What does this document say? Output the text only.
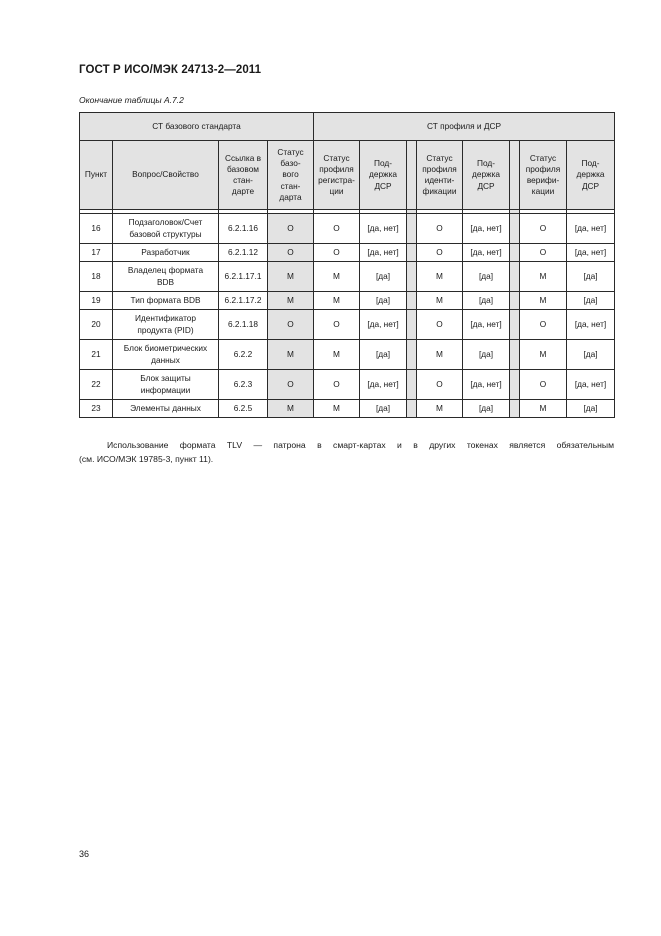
ГОСТ Р ИСО/МЭК 24713-2—2011
Окончание таблицы А.7.2
СТ базового стандарта				СТ профиля и ДСР							
Пункт	Вопрос/Свойство	Ссылка в
базовом
стан-
дарте	Статус
базо-
вого
стан-
дарта	Статус
профиля
регистра-
ции	Под-
держка
ДСР		Статус
профиля
иденти-
фикации	Под-
держка
ДСР		Статус
профиля
верифи-
кации	Под-
держка
ДСР

16	Подзаголовок/Счет
базовой структуры	6.2.1.16	О	О	[да, нет]		О	[да, нет]		О	[да, нет]
17	Разработчик	6.2.1.12	О	О	[да, нет]		О	[да, нет]		О	[да, нет]
18	Владелец формата
BDB	6.2.1.17.1	М	М	[да]		М	[да]		М	[да]
19	Тип формата BDB	6.2.1.17.2	М	М	[да]		М	[да]		М	[да]
20	Идентификатор
продукта (PID)	6.2.1.18	О	О	[да, нет]		О	[да, нет]		О	[да, нет]
21	Блок биометрических
данных	6.2.2	М	М	[да]		М	[да]		М	[да]
22	Блок защиты
информации	6.2.3	О	О	[да, нет]		О	[да, нет]		О	[да, нет]
23	Элементы данных	6.2.5	М	М	[да]		М	[да]		М	[да]
Использование формата TLV — патрона в смарт-картах и в других токенах является обязательным
(см. ИСО/МЭК 19785-3, пункт 11).
36
